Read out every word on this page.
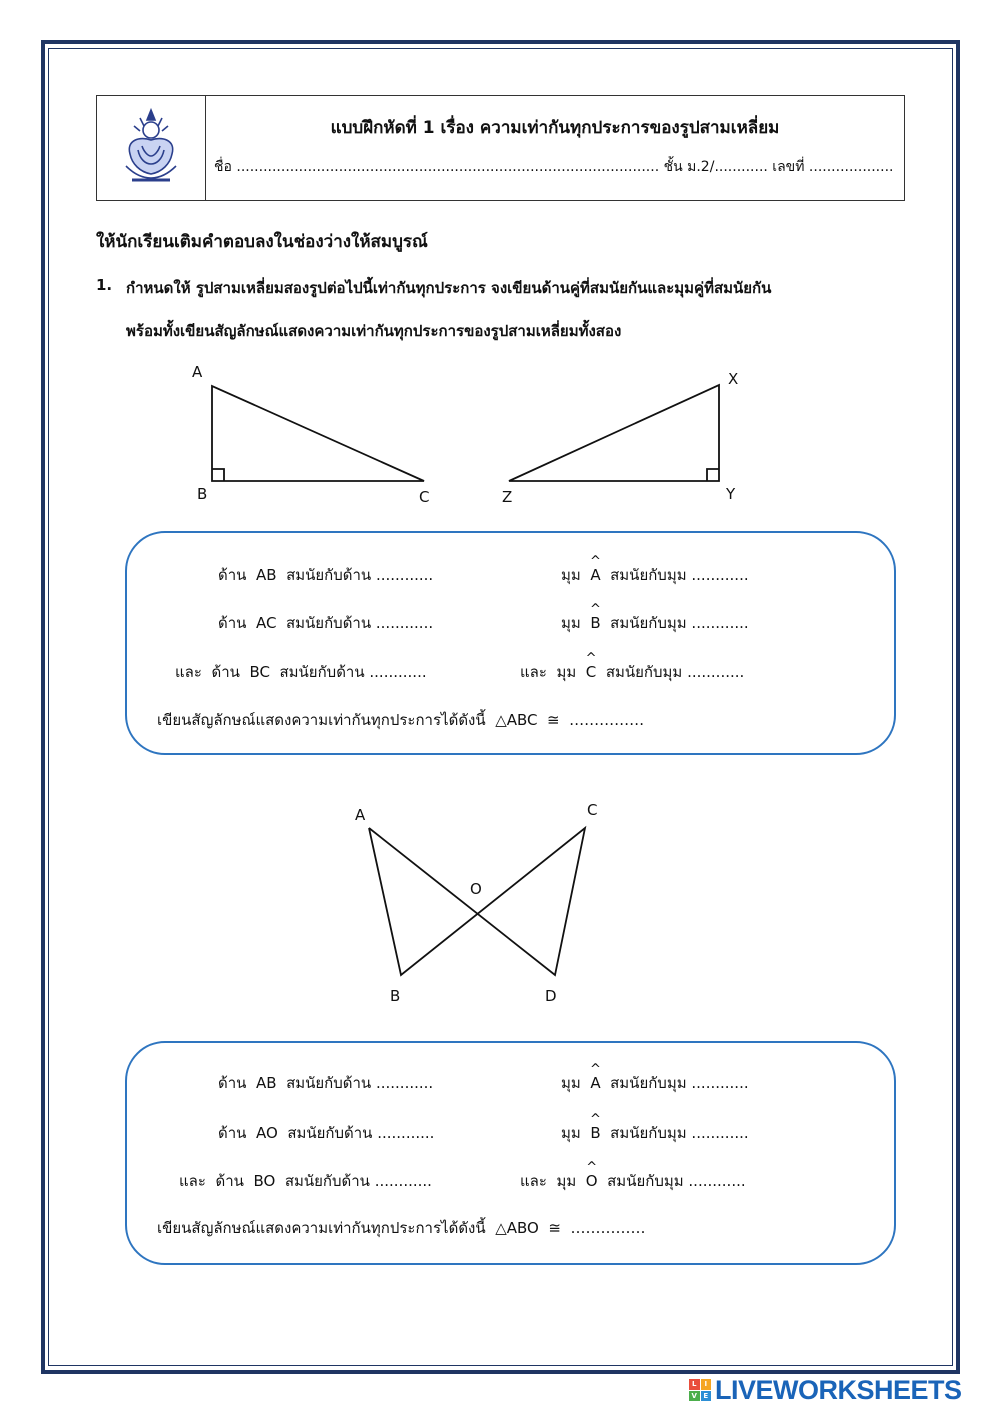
แบบฝึกหัดที่ 1 เรื่อง ความเท่ากันทุกประการของรูปสามเหลี่ยม
ชื่อ ............................................................................................... ชั้น ม.2/............ เลขที่ ...................
ให้นักเรียนเติมคำตอบลงในช่องว่างให้สมบูรณ์
1. กำหนดให้ รูปสามเหลี่ยมสองรูปต่อไปนี้เท่ากันทุกประการ จงเขียนด้านคู่ที่สมนัยกันและมุมคู่ที่สมนัยกัน
พร้อมทั้งเขียนสัญลักษณ์แสดงความเท่ากันทุกประการของรูปสามเหลี่ยมทั้งสอง
A
B	C
X
Y
Z
ด้าน AB สมนัยกับด้าน ............
ด้าน AC สมนัยกับด้าน ............
และ ด้าน BC สมนัยกับด้าน ............
มุม ^ A สมนัยกับมุม ............
มุม ^ B สมนัยกับมุม ............
และ มุม ^ C สมนัยกับมุม ............
เขียนสัญลักษณ์แสดงความเท่ากันทุกประการได้ดังนี้ △ABC ≅ ……………
A
B
C
D
O
ด้าน AB สมนัยกับด้าน ............
ด้าน AO สมนัยกับด้าน ............
และ ด้าน BO สมนัยกับด้าน ............
มุม ^ A สมนัยกับมุม ............
มุม ^ B สมนัยกับมุม ............
และ มุม ^ O สมนัยกับมุม ............
เขียนสัญลักษณ์แสดงความเท่ากันทุกประการได้ดังนี้ △ABO ≅ ……………
L	I
V E LIVEWORKSHEETS
